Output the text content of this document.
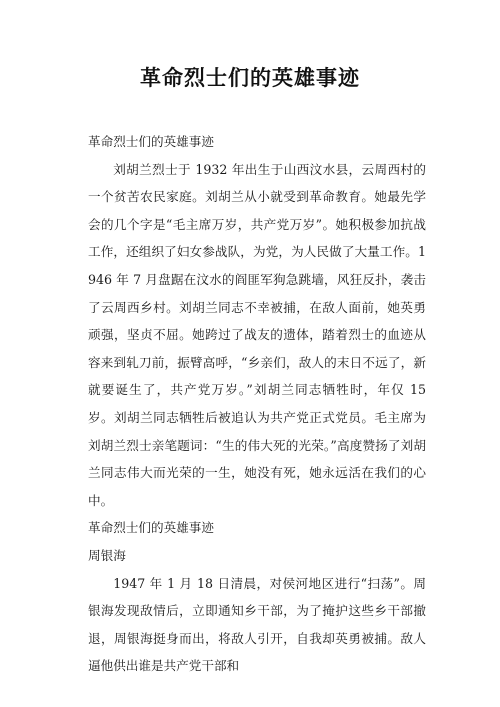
革命烈士们的英雄事迹

革命烈士们的英雄事迹

刘胡兰烈士于 1932 年出生于山西汶水县，云周西村的一个贫苦农民家庭。刘胡兰从小就受到革命教育。她最先学会的几个字是“毛主席万岁，共产党万岁”。她积极参加抗战工作，还组织了妇女参战队，为党，为人民做了大量工作。1946 年 7 月盘踞在汶水的阎匪军狗急跳墙，风狂反扑，袭击了云周西乡村。刘胡兰同志不幸被捕，在敌人面前，她英勇顽强，坚贞不屈。她跨过了战友的遗体，踏着烈士的血迹从容来到轧刀前，振臂高呼，“乡亲们，敌人的末日不远了，新就要诞生了，共产党万岁。”刘胡兰同志牺牲时，年仅 15 岁。刘胡兰同志牺牲后被追认为共产党正式党员。毛主席为刘胡兰烈士亲笔题词：“生的伟大死的光荣。”高度赞扬了刘胡兰同志伟大而光荣的一生，她没有死，她永远活在我们的心中。

革命烈士们的英雄事迹

周银海

1947 年 1 月 18 日清晨，对侯河地区进行“扫荡”。周银海发现敌情后，立即通知乡干部，为了掩护这些乡干部撤退，周银海挺身而出，将敌人引开，自我却英勇被捕。敌人逼他供出谁是共产党干部和
